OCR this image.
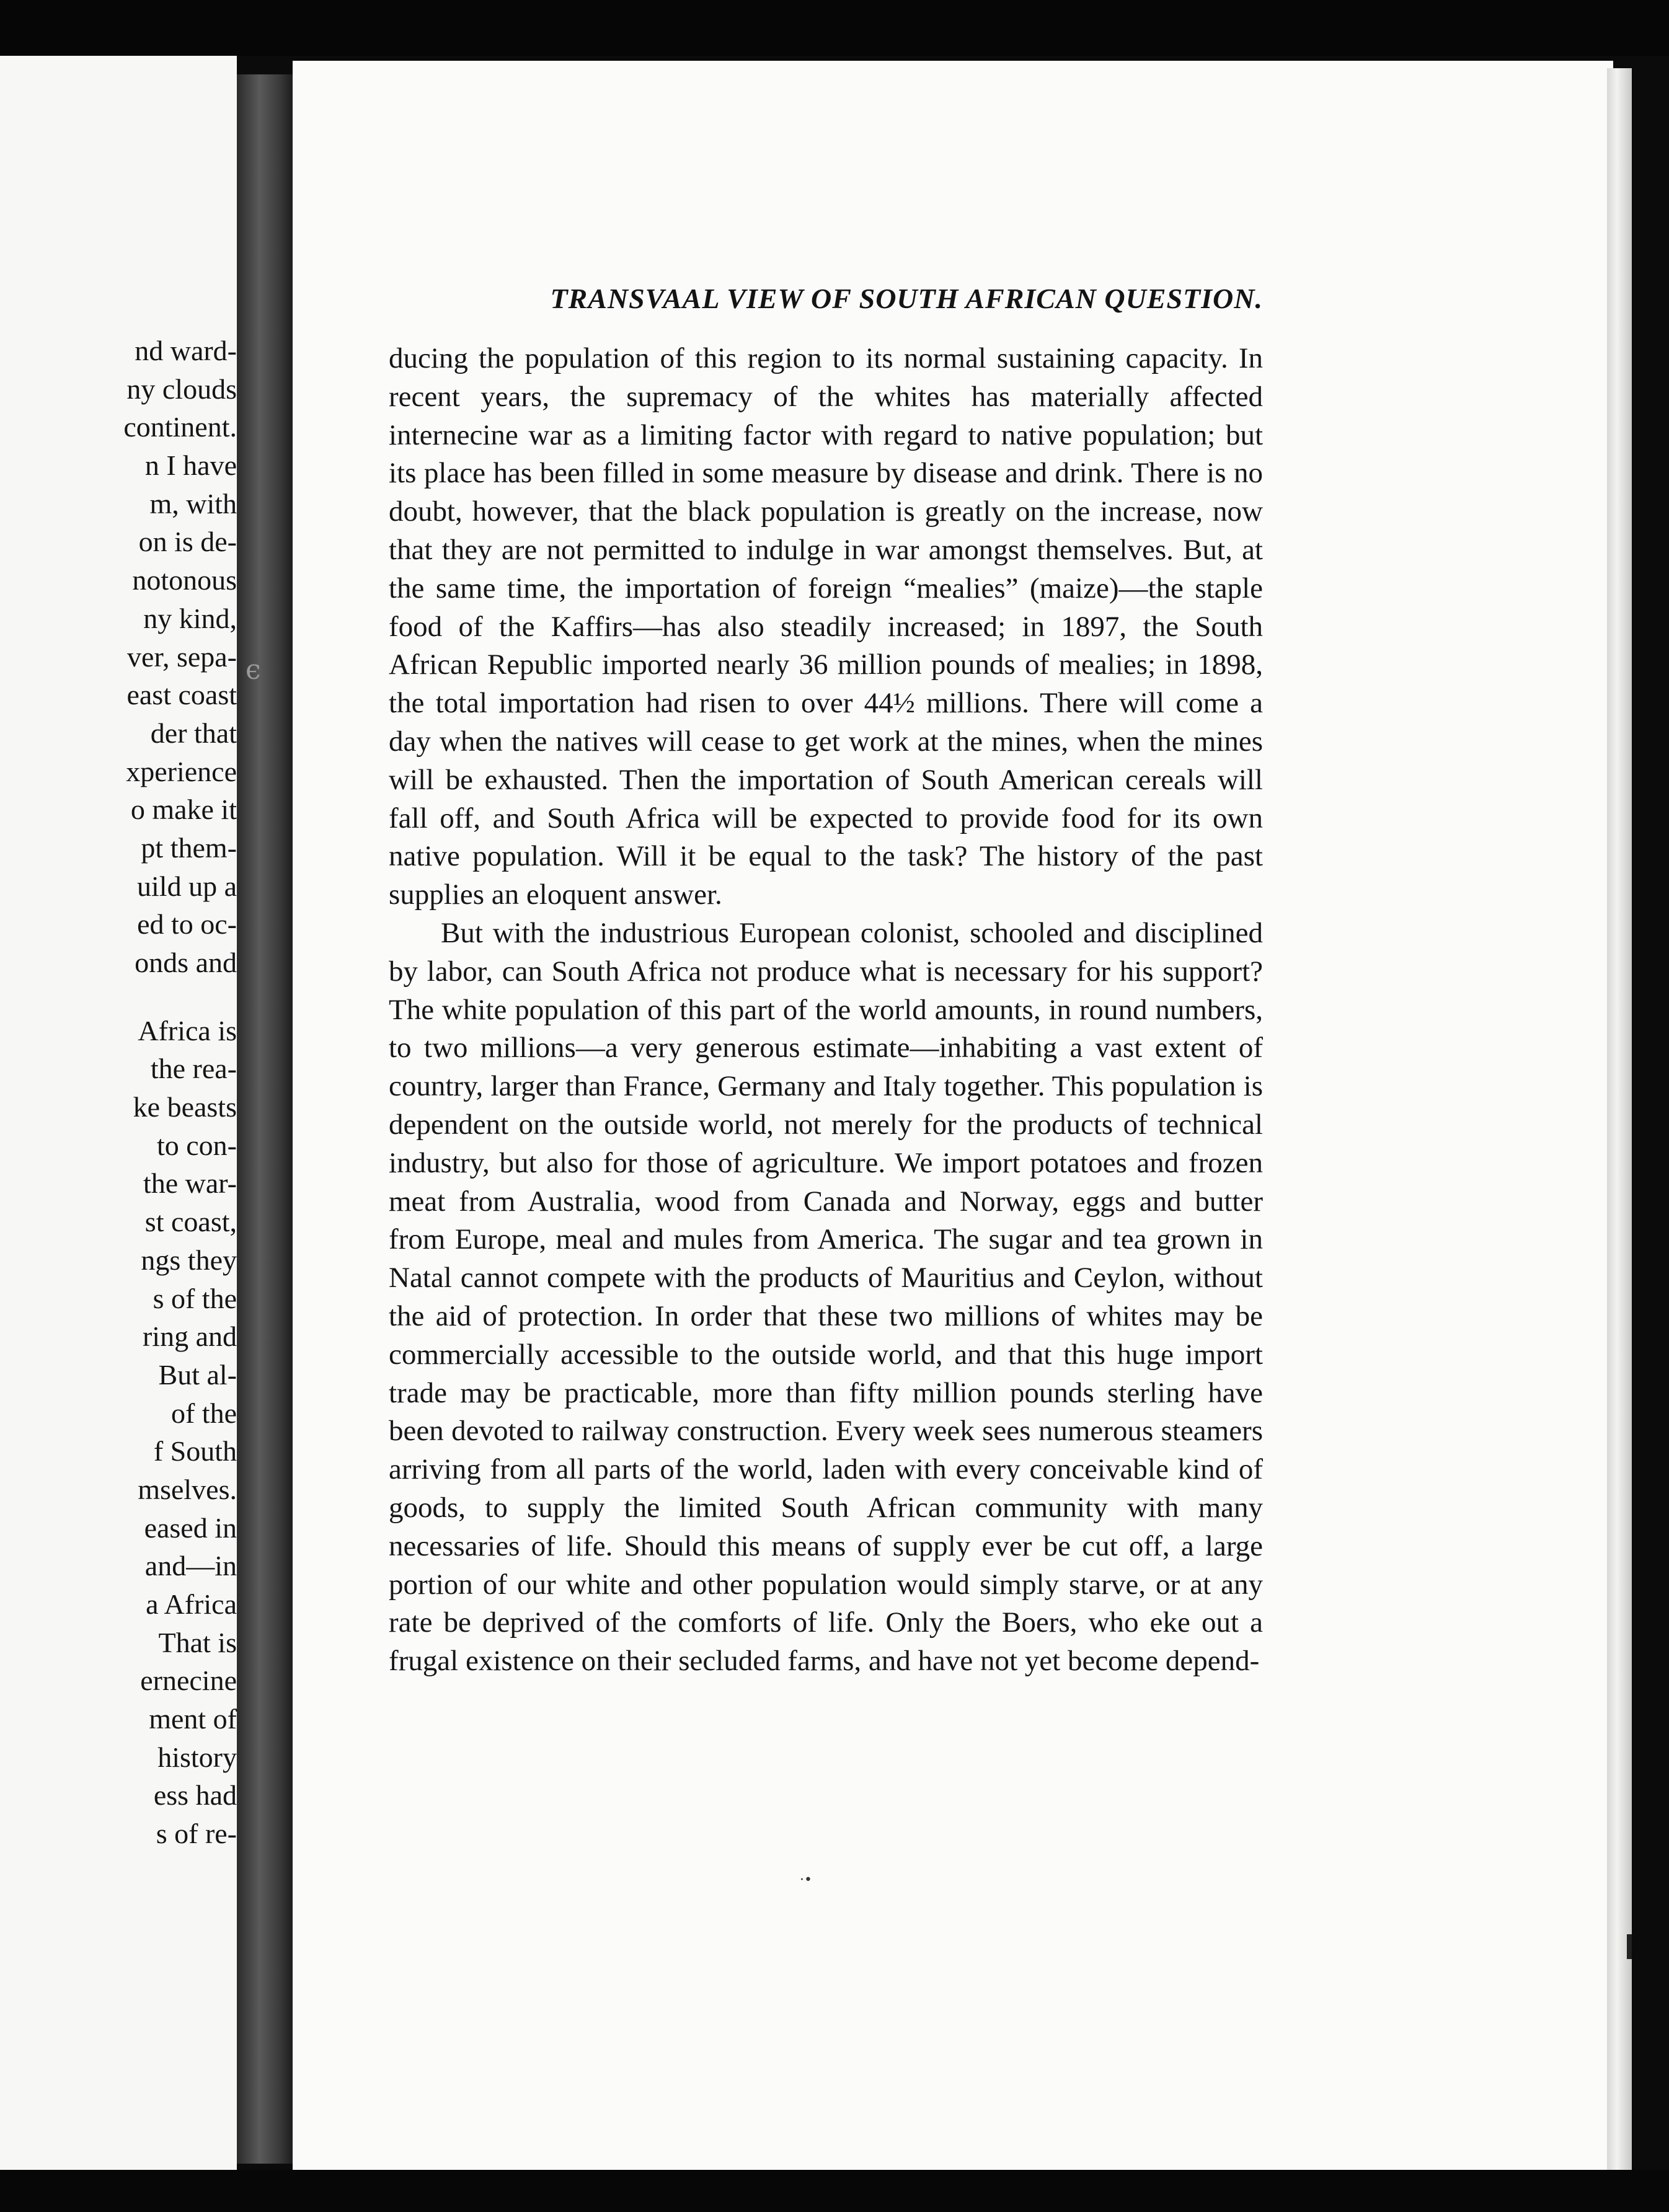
nd ward-
ny clouds
continent.
n I have
m, with
on is de-
notonous
ny kind,
ver, sepa-
east coast
der that
xperience
o make it
pt them-
uild up a
ed to oc-
onds and
Africa is
the rea-
ke beasts
to con-
the war-
st coast,
ngs they
s of the
ring and
But al-
of the
f South
mselves.
eased in
and—in
a Africa
That is
ernecine
ment of
history
ess had
s of re-
ϵ
TRANSVAAL VIEW OF SOUTH AFRICAN QUESTION.

ducing the population of this region to its normal sustaining capacity. In recent years, the supremacy of the whites has materially affected internecine war as a limiting factor with regard to native population; but its place has been filled in some measure by disease and drink. There is no doubt, however, that the black population is greatly on the increase, now that they are not permitted to indulge in war amongst themselves. But, at the same time, the importation of foreign “mealies” (maize)—the staple food of the Kaffirs—has also steadily increased; in 1897, the South African Republic imported nearly 36 million pounds of mealies; in 1898, the total importation had risen to over 44½ millions. There will come a day when the natives will cease to get work at the mines, when the mines will be exhausted. Then the importation of South American cereals will fall off, and South Africa will be expected to provide food for its own native population. Will it be equal to the task? The history of the past supplies an eloquent answer.

But with the industrious European colonist, schooled and disciplined by labor, can South Africa not produce what is necessary for his support? The white population of this part of the world amounts, in round numbers, to two millions—a very generous estimate—inhabiting a vast extent of country, larger than France, Germany and Italy together. This population is dependent on the outside world, not merely for the products of technical industry, but also for those of agriculture. We import potatoes and frozen meat from Australia, wood from Canada and Norway, eggs and butter from Europe, meal and mules from America. The sugar and tea grown in Natal cannot compete with the products of Mauritius and Ceylon, without the aid of protection. In order that these two millions of whites may be commercially accessible to the outside world, and that this huge import trade may be practicable, more than fifty million pounds sterling have been devoted to railway construction. Every week sees numerous steamers arriving from all parts of the world, laden with every conceivable kind of goods, to supply the limited South African community with many necessaries of life. Should this means of supply ever be cut off, a large portion of our white and other population would simply starve, or at any rate be deprived of the comforts of life. Only the Boers, who eke out a frugal existence on their secluded farms, and have not yet become depend-

·•
